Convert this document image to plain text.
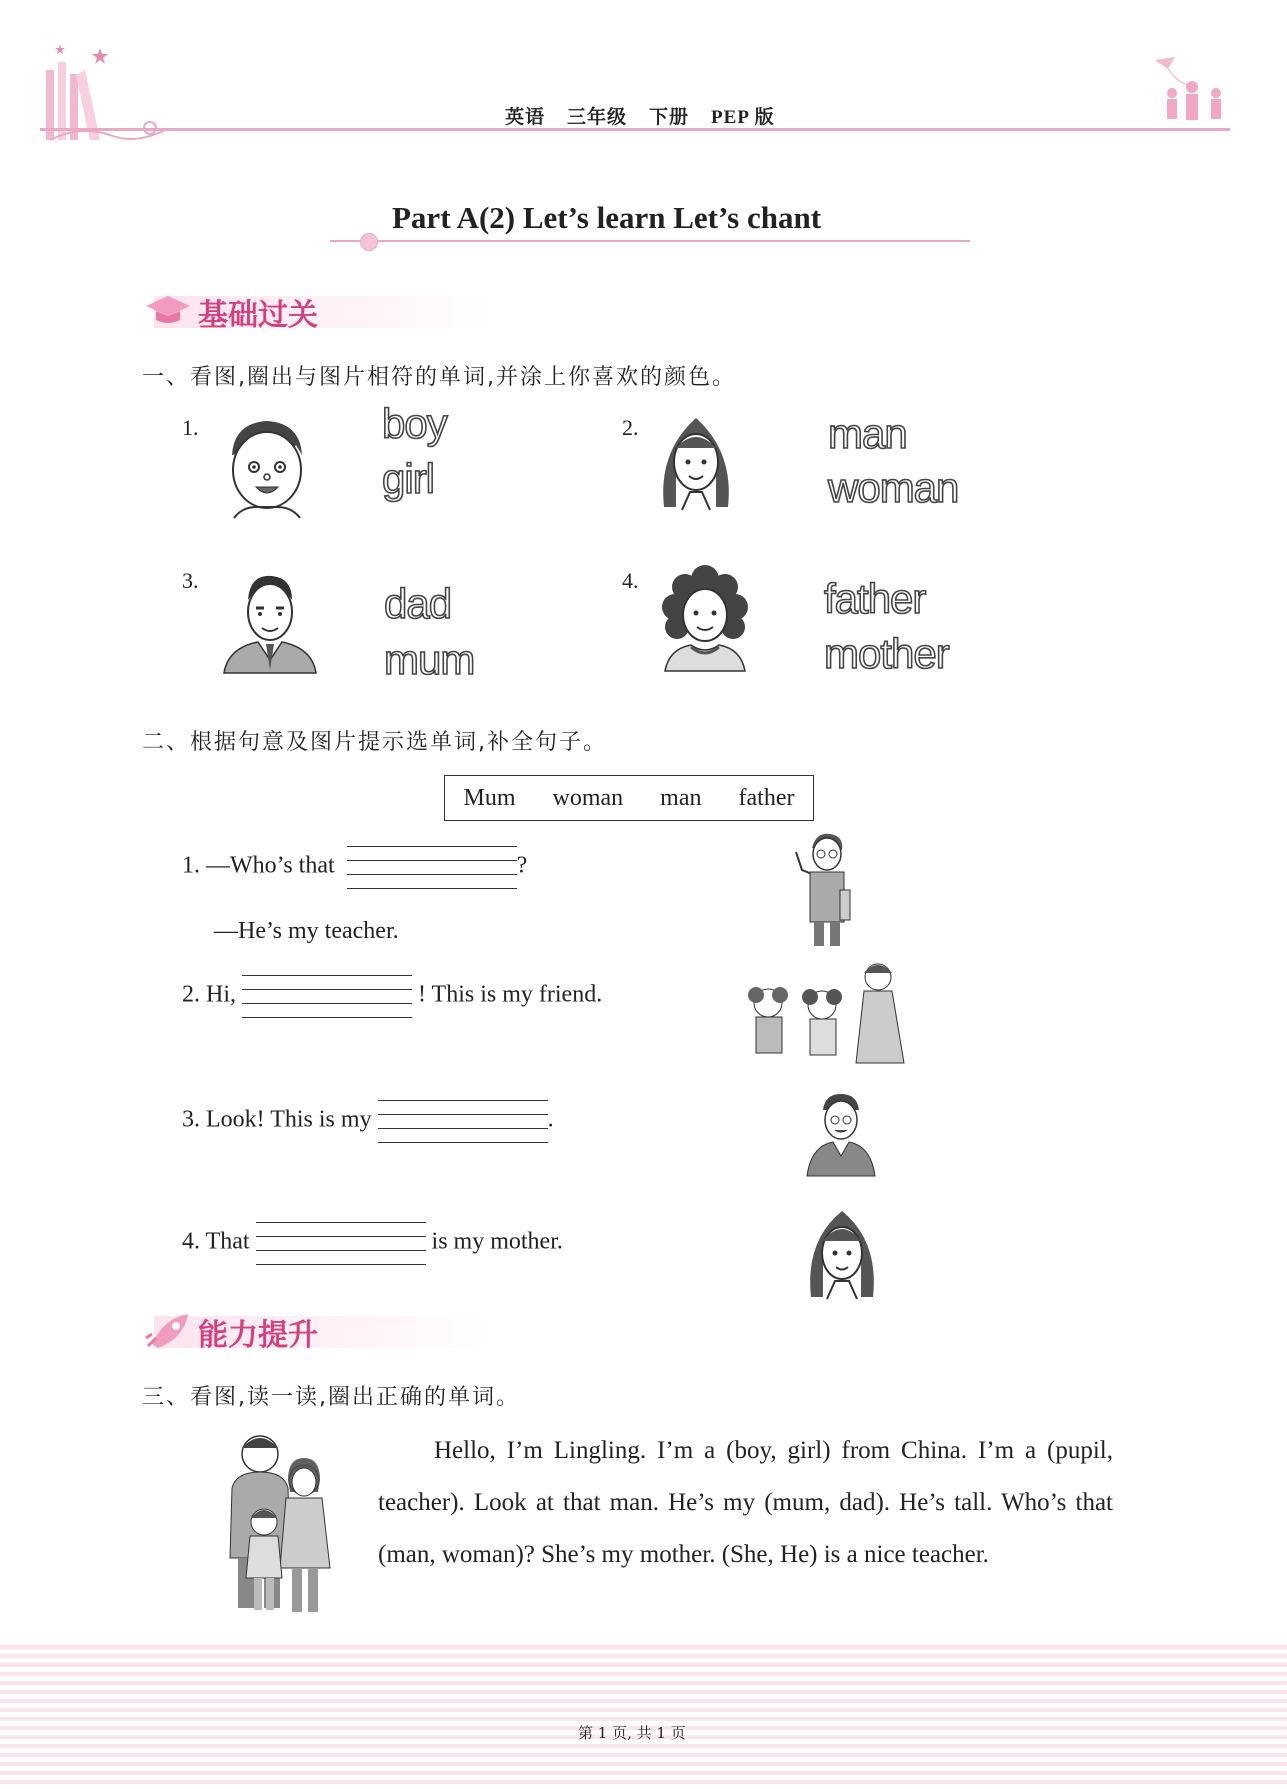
英语 三年级 下册 PEP 版
Part A(2) Let’s learn Let’s chant
基础过关
一、看图,圈出与图片相符的单词,并涂上你喜欢的颜色。
1.	boy
girl
2.	man
woman
3.	dad
mum
4.	father
mother
二、根据句意及图片提示选单词,补全句子。
Mum woman man father
1. —Who’s that	?
—He’s my teacher.
2. Hi,	! This is my friend.
3. Look! This is my	.
4. That	is my mother.
能力提升
三、看图,读一读,圈出正确的单词。
Hello, I’m Lingling. I’m a (boy, girl) from China. I’m a (pupil, teacher). Look at that man. He’s my (mum, dad). He’s tall. Who’s that (man, woman)? She’s my mother. (She, He) is a nice teacher.
第 1 页, 共 1 页
